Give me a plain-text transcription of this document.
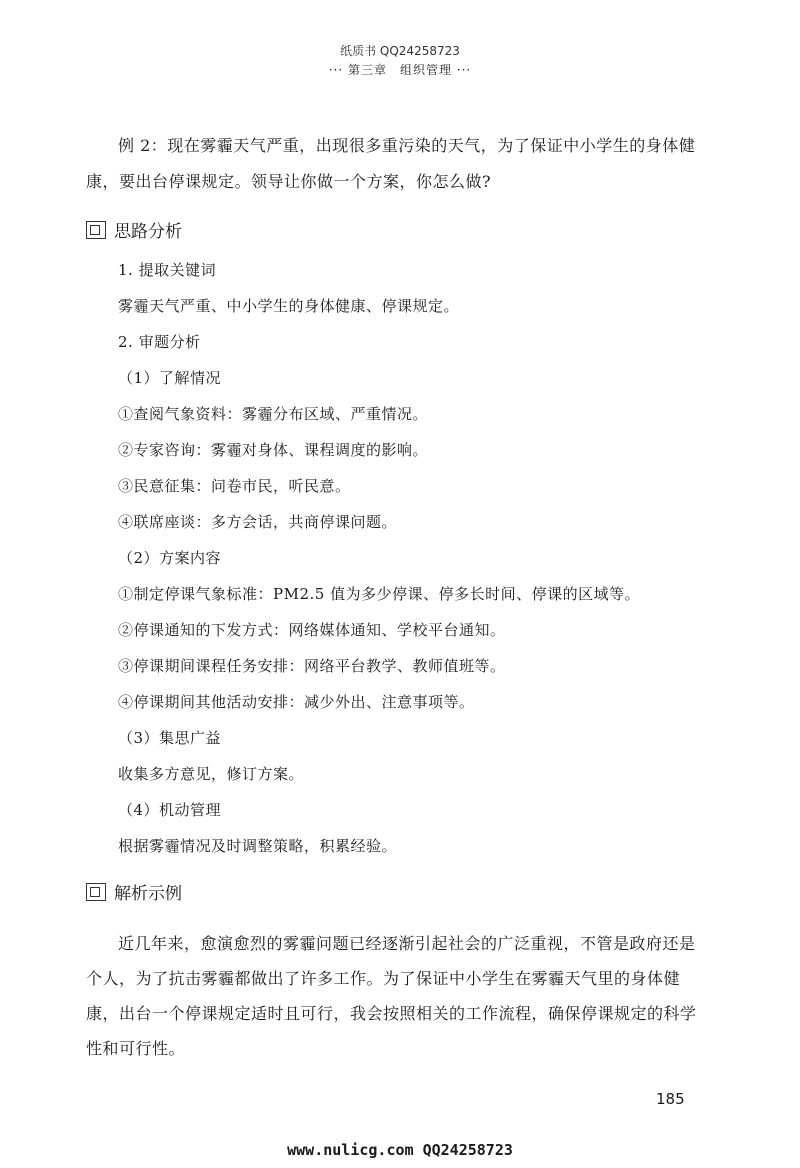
纸质书 QQ24258723
··· 第三章　组织管理 ···
例 2：现在雾霾天气严重，出现很多重污染的天气，为了保证中小学生的身体健康，要出台停课规定。领导让你做一个方案，你怎么做?
思路分析
1. 提取关键词
雾霾天气严重、中小学生的身体健康、停课规定。
2. 审题分析
（1）了解情况
①查阅气象资料：雾霾分布区域、严重情况。
②专家咨询：雾霾对身体、课程调度的影响。
③民意征集：问卷市民，听民意。
④联席座谈：多方会话，共商停课问题。
（2）方案内容
①制定停课气象标准：PM2.5 值为多少停课、停多长时间、停课的区域等。
②停课通知的下发方式：网络媒体通知、学校平台通知。
③停课期间课程任务安排：网络平台教学、教师值班等。
④停课期间其他活动安排：减少外出、注意事项等。
（3）集思广益
收集多方意见，修订方案。
（4）机动管理
根据雾霾情况及时调整策略，积累经验。
解析示例
近几年来，愈演愈烈的雾霾问题已经逐渐引起社会的广泛重视，不管是政府还是个人，为了抗击雾霾都做出了许多工作。为了保证中小学生在雾霾天气里的身体健康，出台一个停课规定适时且可行，我会按照相关的工作流程，确保停课规定的科学性和可行性。
185
www.nulicg.com QQ24258723
